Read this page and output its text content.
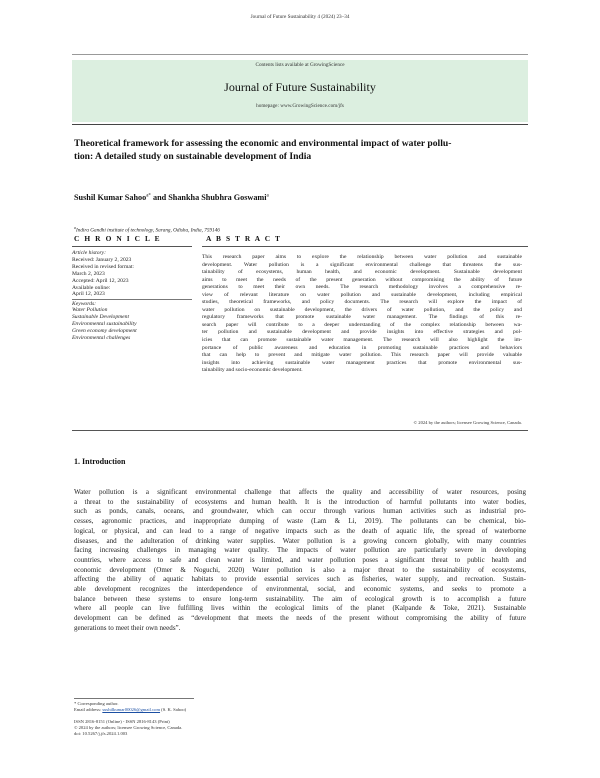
Journal of Future Sustainability 4 (2024) 23–34
Contents lists available at GrowingScience
Journal of Future Sustainability
homepage: www.GrowingScience.com/jfs
Theoretical framework for assessing the economic and environmental impact of water pollu-
tion: A detailed study on sustainable development of India
Sushil Kumar Sahoo$^{a*}$ and Shankha Shubhra Goswami$^a$
$^a$Indira Gandhi institute of technology, Sarang, Odisha, India, 759146
C H R O N I C L E	A B S T R A C T
Article history:
Received: January 2, 2023
Received in revised format:
March 2, 2023
Accepted: April 12, 2023
Available online:
April 12, 2023
Keywords:
Water Pollution
Sustainable Development
Environmental sustainability
Green economy development
Environmental challenges
This research paper aims to explore the relationship between water pollution and sustainable
development. Water pollution is a significant environmental challenge that threatens the sus-
tainability of ecosystems, human health, and economic development. Sustainable development
aims to meet the needs of the present generation without compromising the ability of future
generations to meet their own needs. The research methodology involves a comprehensive re-
view of relevant literature on water pollution and sustainable development, including empirical
studies, theoretical frameworks, and policy documents. The research will explore the impact of
water pollution on sustainable development, the drivers of water pollution, and the policy and
regulatory frameworks that promote sustainable water management. The findings of this re-
search paper will contribute to a deeper understanding of the complex relationship between wa-
ter pollution and sustainable development and provide insights into effective strategies and pol-
icies that can promote sustainable water management. The research will also highlight the im-
portance of public awareness and education in promoting sustainable practices and behaviors
that can help to prevent and mitigate water pollution. This research paper will provide valuable
insights into achieving sustainable water management practices that promote environmental sus-
tainability and socio-economic development.
© 2024 by the authors; licensee Growing Science, Canada.
1. Introduction
Water pollution is a significant environmental challenge that affects the quality and accessibility of water resources, posing
a threat to the sustainability of ecosystems and human health. It is the introduction of harmful pollutants into water bodies,
such as ponds, canals, oceans, and groundwater, which can occur through various human activities such as industrial pro-
cesses, agronomic practices, and inappropriate dumping of waste (Lam & Li, 2019). The pollutants can be chemical, bio-
logical, or physical, and can lead to a range of negative impacts such as the death of aquatic life, the spread of waterborne
diseases, and the adulteration of drinking water supplies. Water pollution is a growing concern globally, with many countries
facing increasing challenges in managing water quality. The impacts of water pollution are particularly severe in developing
countries, where access to safe and clean water is limited, and water pollution poses a significant threat to public health and
economic development (Omer & Noguchi, 2020) Water pollution is also a major threat to the sustainability of ecosystems,
affecting the ability of aquatic habitats to provide essential services such as fisheries, water supply, and recreation. Sustain-
able development recognizes the interdependence of environmental, social, and economic systems, and seeks to promote a
balance between these systems to ensure long-term sustainability. The aim of ecological growth is to accomplish a future
where all people can live fulfilling lives within the ecological limits of the planet (Kalpande & Toke, 2021). Sustainable
development can be defined as “development that meets the needs of the present without compromising the ability of future
generations to meet their own needs”.
* Corresponding author.
Email address: sushilkumar00026@gmail.com (S. K. Sahoo)
ISSN 2816-8151 (Online) - ISSN 2816-8143 (Print)
© 2024 by the authors; licensee Growing Science, Canada.
doi: 10.5267/j.jfs.2024.1.003
